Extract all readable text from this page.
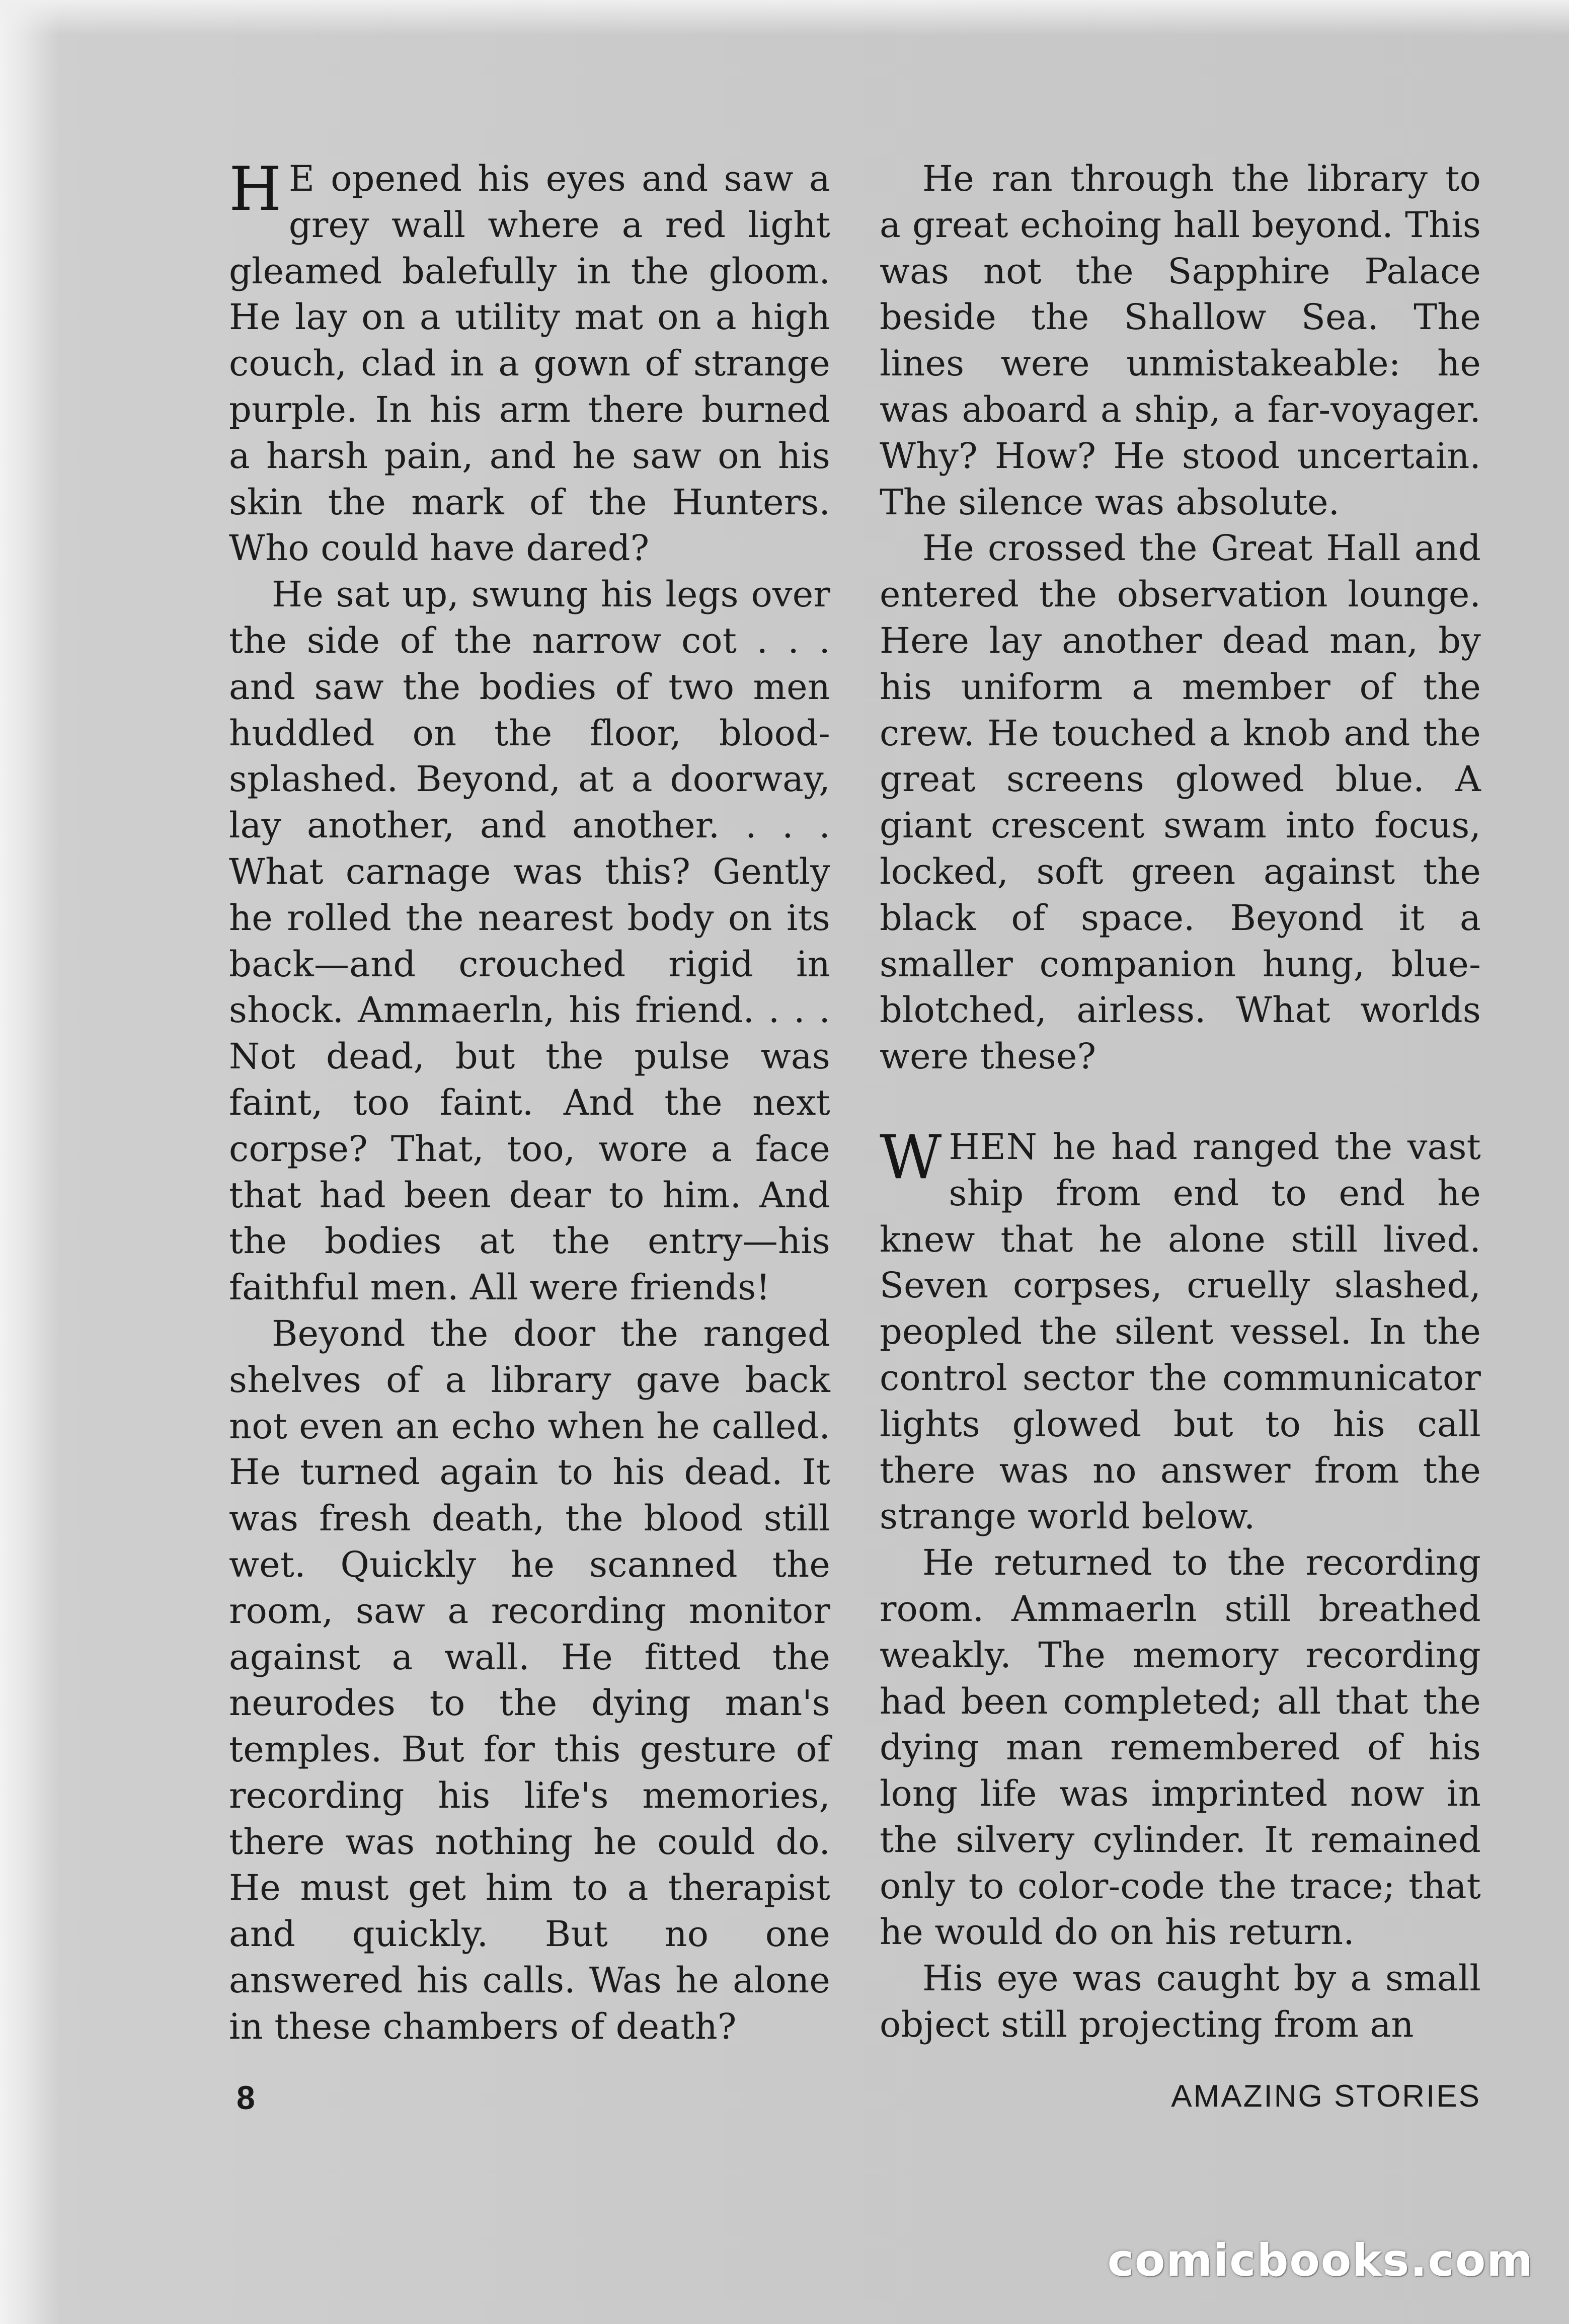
H E opened his eyes and saw a grey wall where a red light gleamed balefully in the gloom. He lay on a utility mat on a high couch, clad in a gown of strange purple. In his arm there burned a harsh pain, and he saw on his skin the mark of the Hunters. Who could have dared?

He sat up, swung his legs over the side of the narrow cot . . . and saw the bodies of two men huddled on the floor, blood-splashed. Beyond, at a doorway, lay another, and another. . . . What carnage was this? Gently he rolled the nearest body on its back—and crouched rigid in shock. Ammaerln, his friend. . . . Not dead, but the pulse was faint, too faint. And the next corpse? That, too, wore a face that had been dear to him. And the bodies at the entry—his faithful men. All were friends!

Beyond the door the ranged shelves of a library gave back not even an echo when he called. He turned again to his dead. It was fresh death, the blood still wet. Quickly he scanned the room, saw a recording monitor against a wall. He fitted the neurodes to the dying man's temples. But for this gesture of recording his life's memories, there was nothing he could do. He must get him to a therapist and quickly. But no one answered his calls. Was he alone in these chambers of death?

He ran through the library to a great echoing hall beyond. This was not the Sapphire Palace beside the Shallow Sea. The lines were unmistakeable: he was aboard a ship, a far-voyager. Why? How? He stood uncertain. The silence was absolute.

He crossed the Great Hall and entered the observation lounge. Here lay another dead man, by his uniform a member of the crew. He touched a knob and the great screens glowed blue. A giant crescent swam into focus, locked, soft green against the black of space. Beyond it a smaller companion hung, blue-blotched, airless. What worlds were these?

WHEN he had ranged the vast ship from end to end he knew that he alone still lived. Seven corpses, cruelly slashed, peopled the silent vessel. In the control sector the communicator lights glowed but to his call there was no answer from the strange world below.

He returned to the recording room. Ammaerln still breathed weakly. The memory recording had been completed; all that the dying man remembered of his long life was imprinted now in the silvery cylinder. It remained only to color-code the trace; that he would do on his return.

His eye was caught by a small object still projecting from an

8	AMAZING STORIES
comicbooks.com
